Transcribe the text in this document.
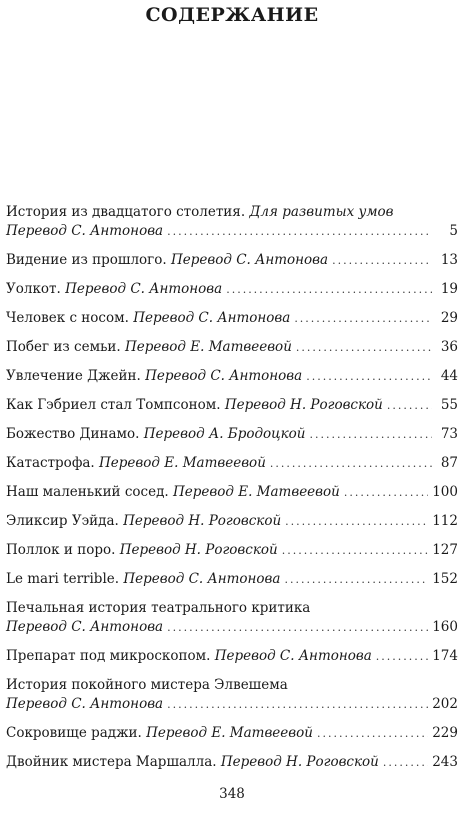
СОДЕРЖАНИЕ
История из двадцатого столетия. Для развитых умов
Перевод С. Антонова .....	5
Видение из прошлого. Перевод С. Антонова .....	13
Уолкот. Перевод С. Антонова .....	19
Человек с носом. Перевод С. Антонова .....	29
Побег из семьи. Перевод Е. Матвеевой .....	36
Увлечение Джейн. Перевод С. Антонова .....	44
Как Гэбриел стал Томпсоном. Перевод Н. Роговской .....	55
Божество Динамо. Перевод А. Бродоцкой .....	73
Катастрофа. Перевод Е. Матвеевой .....	87
Наш маленький сосед. Перевод Е. Матвеевой .....	100
Эликсир Уэйда. Перевод Н. Роговской .....	112
Поллок и поро. Перевод Н. Роговской .....	127
Le mari terrible. Перевод С. Антонова .....	152
Печальная история театрального критика
Перевод С. Антонова .....	160
Препарат под микроскопом. Перевод С. Антонова .....	174
История покойного мистера Элвешема
Перевод С. Антонова .....	202
Сокровище раджи. Перевод Е. Матвеевой .....	229
Двойник мистера Маршалла. Перевод Н. Роговской .....	243
348
